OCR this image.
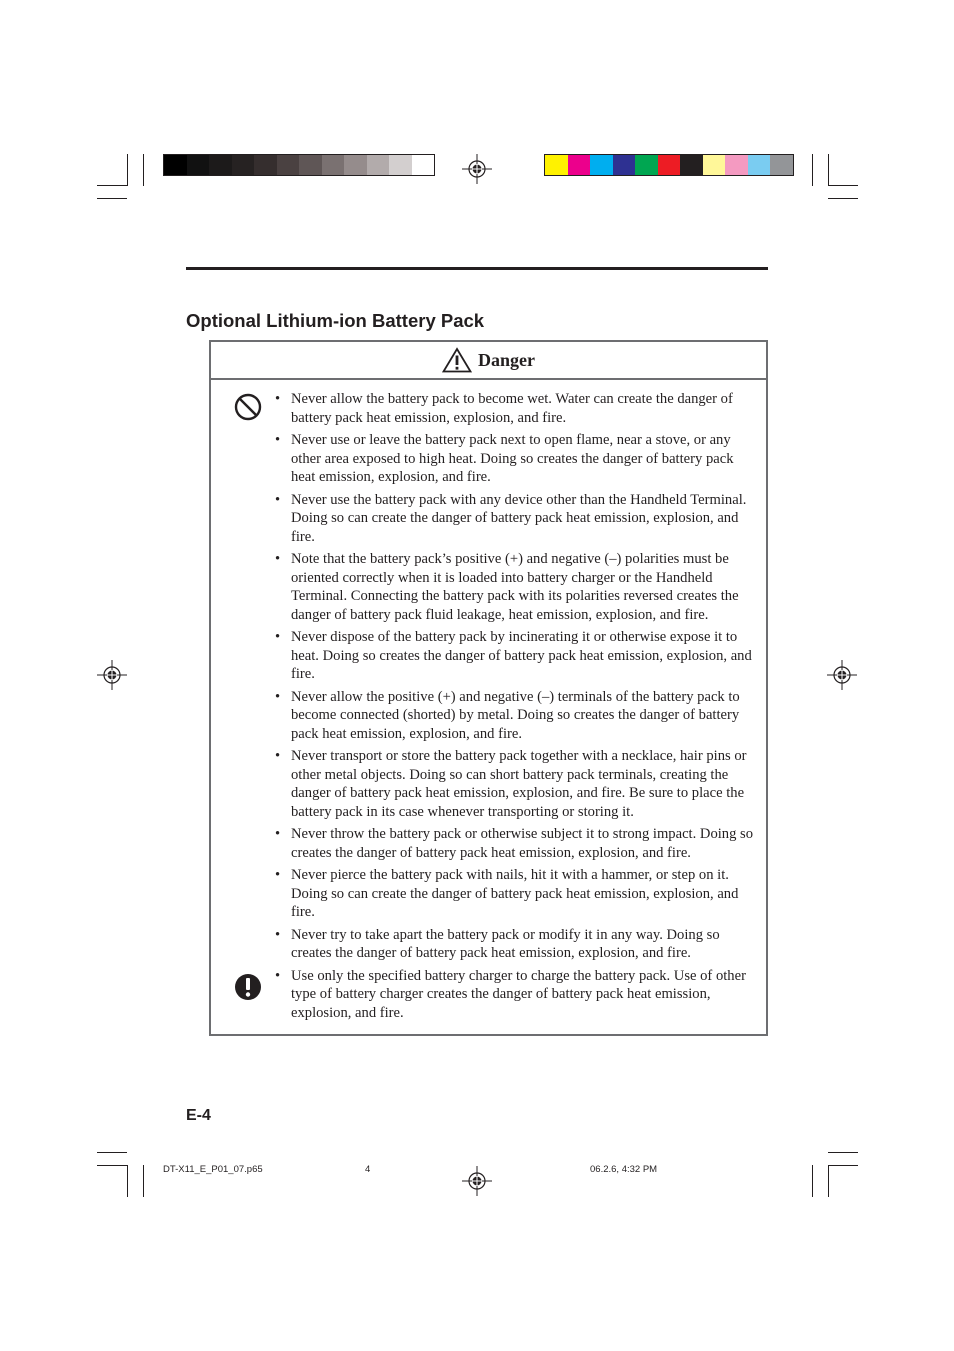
Optional Lithium-ion Battery Pack
Danger
• Never allow the battery pack to become wet. Water can create the danger of battery pack heat emission, explosion, and fire.
• Never use or leave the battery pack next to open flame, near a stove, or any other area exposed to high heat. Doing so creates the danger of battery pack heat emission, explosion, and fire.
• Never use the battery pack with any device other than the Handheld Terminal. Doing so can create the danger of battery pack heat emission, explosion, and fire.
• Note that the battery pack’s positive (+) and negative (–) polarities must be oriented correctly when it is loaded into battery charger or the Handheld Terminal. Connecting the battery pack with its polarities reversed creates the danger of battery pack fluid leakage, heat emission, explosion, and fire.
• Never dispose of the battery pack by incinerating it or otherwise expose it to heat. Doing so creates the danger of battery pack heat emission, explosion, and fire.
• Never allow the positive (+) and negative (–) terminals of the battery pack to become connected (shorted) by metal. Doing so creates the danger of battery pack heat emission, explosion, and fire.
• Never transport or store the battery pack together with a necklace, hair pins or other metal objects. Doing so can short battery pack terminals, creating the danger of battery pack heat emission, explosion, and fire. Be sure to place the battery pack in its case whenever transporting or storing it.
• Never throw the battery pack or otherwise subject it to strong impact. Doing so creates the danger of battery pack heat emission, explosion, and fire.
• Never pierce the battery pack with nails, hit it with a hammer, or step on it. Doing so can create the danger of battery pack heat emission, explosion, and fire.
• Never try to take apart the battery pack or modify it in any way. Doing so creates the danger of battery pack heat emission, explosion, and fire.
• Use only the specified battery charger to charge the battery pack. Use of other type of battery charger creates the danger of battery pack heat emission, explosion, and fire.
E-4
DT-X11_E_P01_07.p65	4	06.2.6, 4:32 PM
